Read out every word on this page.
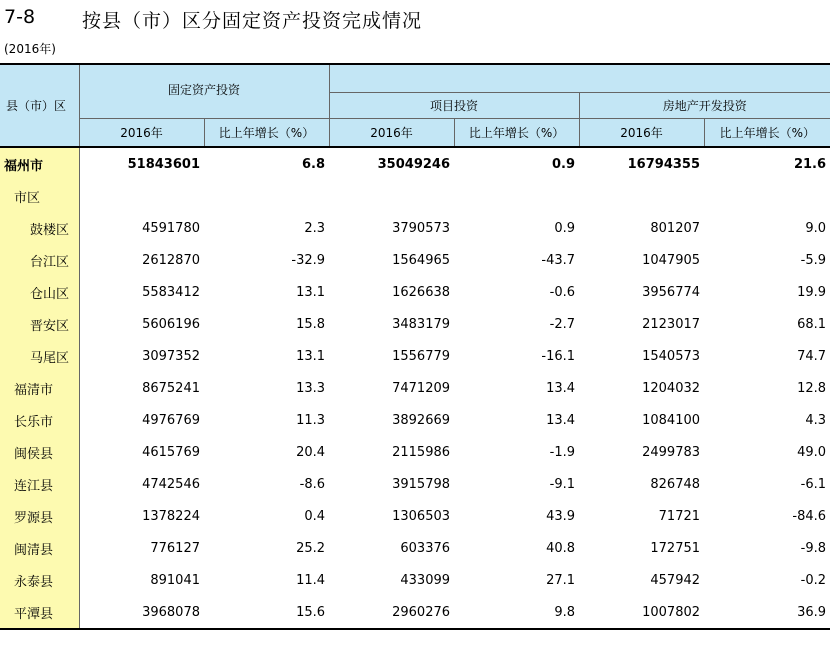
7-8 按县（市）区分固定资产投资完成情况
(2016年)
县（市）区	固定资产投资					
			项目投资		房地产开发投资	
	2016年	比上年增长（%）	2016年	比上年增长（%）	2016年	比上年增长（%）
福州市	51843601	6.8	35049246	0.9	16794355	21.6
市区						
鼓楼区	4591780	2.3	3790573	0.9	801207	9.0
台江区	2612870	-32.9	1564965	-43.7	1047905	-5.9
仓山区	5583412	13.1	1626638	-0.6	3956774	19.9
晋安区	5606196	15.8	3483179	-2.7	2123017	68.1
马尾区	3097352	13.1	1556779	-16.1	1540573	74.7
福清市	8675241	13.3	7471209	13.4	1204032	12.8
长乐市	4976769	11.3	3892669	13.4	1084100	4.3
闽侯县	4615769	20.4	2115986	-1.9	2499783	49.0
连江县	4742546	-8.6	3915798	-9.1	826748	-6.1
罗源县	1378224	0.4	1306503	43.9	71721	-84.6
闽清县	776127	25.2	603376	40.8	172751	-9.8
永泰县	891041	11.4	433099	27.1	457942	-0.2
平潭县	3968078	15.6	2960276	9.8	1007802	36.9
